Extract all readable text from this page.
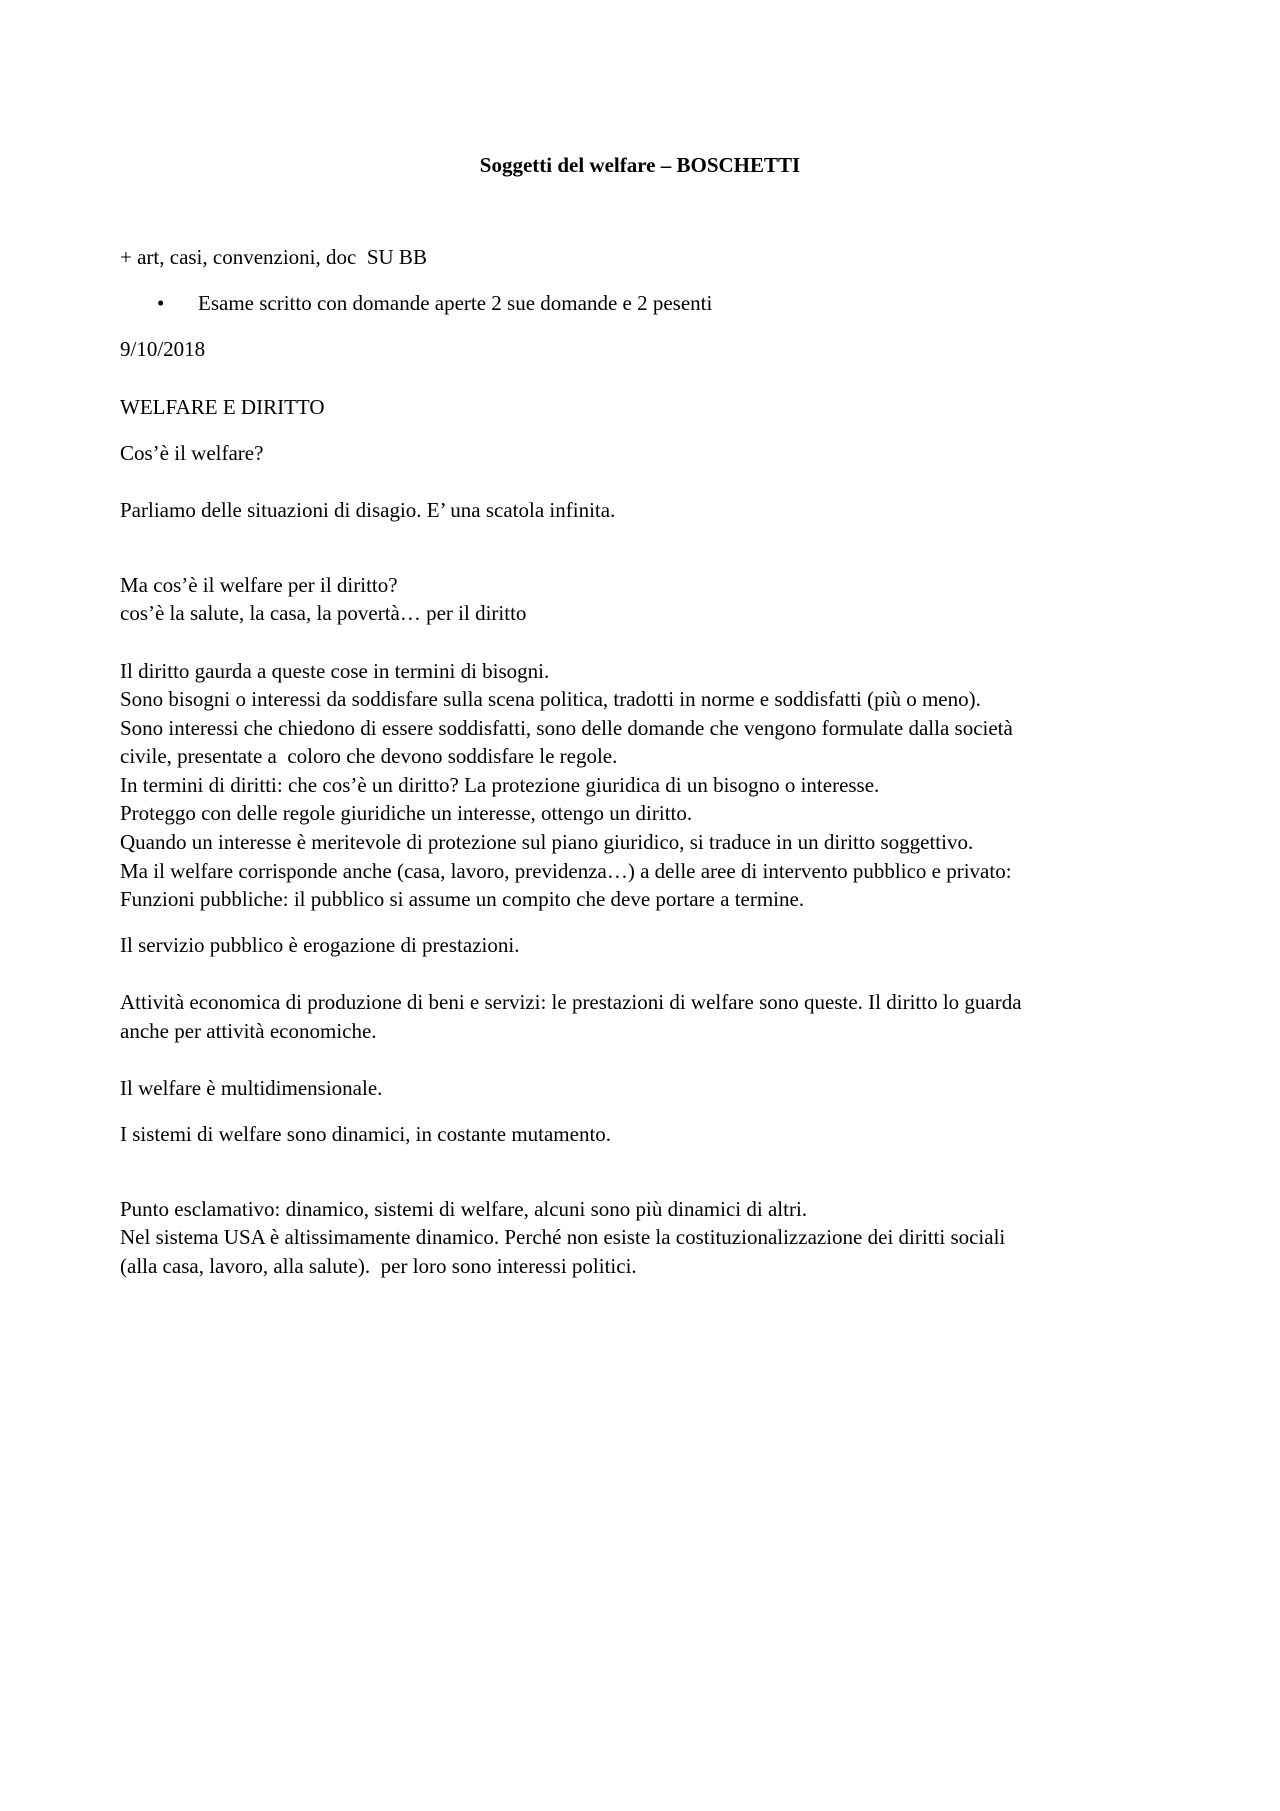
Soggetti del welfare – BOSCHETTI

+ art, casi, convenzioni, doc  SU BB

• Esame scritto con domande aperte 2 sue domande e 2 pesenti

9/10/2018

WELFARE E DIRITTO

Cos’è il welfare?

Parliamo delle situazioni di disagio. E’ una scatola infinita.

Ma cos’è il welfare per il diritto?

cos’è la salute, la casa, la povertà… per il diritto

Il diritto gaurda a queste cose in termini di bisogni.

Sono bisogni o interessi da soddisfare sulla scena politica, tradotti in norme e soddisfatti (più o meno).

Sono interessi che chiedono di essere soddisfatti, sono delle domande che vengono formulate dalla società

civile, presentate a  coloro che devono soddisfare le regole.

In termini di diritti: che cos’è un diritto? La protezione giuridica di un bisogno o interesse.

Proteggo con delle regole giuridiche un interesse, ottengo un diritto.

Quando un interesse è meritevole di protezione sul piano giuridico, si traduce in un diritto soggettivo.

Ma il welfare corrisponde anche (casa, lavoro, previdenza…) a delle aree di intervento pubblico e privato:

Funzioni pubbliche: il pubblico si assume un compito che deve portare a termine.

Il servizio pubblico è erogazione di prestazioni.

Attività economica di produzione di beni e servizi: le prestazioni di welfare sono queste. Il diritto lo guarda

anche per attività economiche.

Il welfare è multidimensionale.

I sistemi di welfare sono dinamici, in costante mutamento.

Punto esclamativo: dinamico, sistemi di welfare, alcuni sono più dinamici di altri.

Nel sistema USA è altissimamente dinamico. Perché non esiste la costituzionalizzazione dei diritti sociali

(alla casa, lavoro, alla salute).  per loro sono interessi politici.
